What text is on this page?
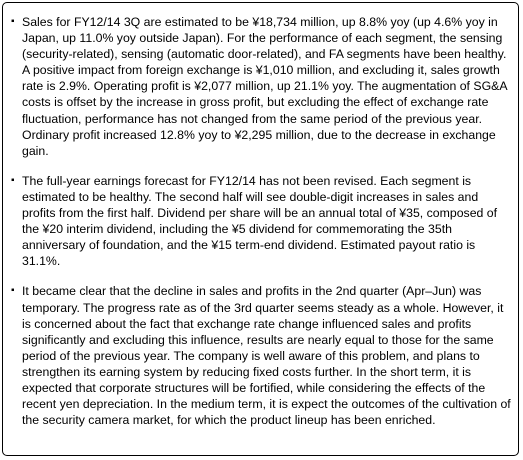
▪ Sales for FY12/14 3Q are estimated to be ¥18,734 million, up 8.8% yoy (up 4.6% yoy in Japan, up 11.0% yoy outside Japan). For the performance of each segment, the sensing (security-related), sensing (automatic door-related), and FA segments have been healthy. A positive impact from foreign exchange is ¥1,010 million, and excluding it, sales growth rate is 2.9%. Operating profit is ¥2,077 million, up 21.1% yoy. The augmentation of SG&A costs is offset by the increase in gross profit, but excluding the effect of exchange rate fluctuation, performance has not changed from the same period of the previous year. Ordinary profit increased 12.8% yoy to ¥2,295 million, due to the decrease in exchange gain.
▪ The full-year earnings forecast for FY12/14 has not been revised. Each segment is estimated to be healthy. The second half will see double-digit increases in sales and profits from the first half. Dividend per share will be an annual total of ¥35, composed of the ¥20 interim dividend, including the ¥5 dividend for commemorating the 35th anniversary of foundation, and the ¥15 term-end dividend. Estimated payout ratio is 31.1%.
▪ It became clear that the decline in sales and profits in the 2nd quarter (Apr–Jun) was temporary. The progress rate as of the 3rd quarter seems steady as a whole. However, it is concerned about the fact that exchange rate change influenced sales and profits significantly and excluding this influence, results are nearly equal to those for the same period of the previous year. The company is well aware of this problem, and plans to strengthen its earning system by reducing fixed costs further. In the short term, it is expected that corporate structures will be fortified, while considering the effects of the recent yen depreciation. In the medium term, it is expect the outcomes of the cultivation of the security camera market, for which the product lineup has been enriched.
